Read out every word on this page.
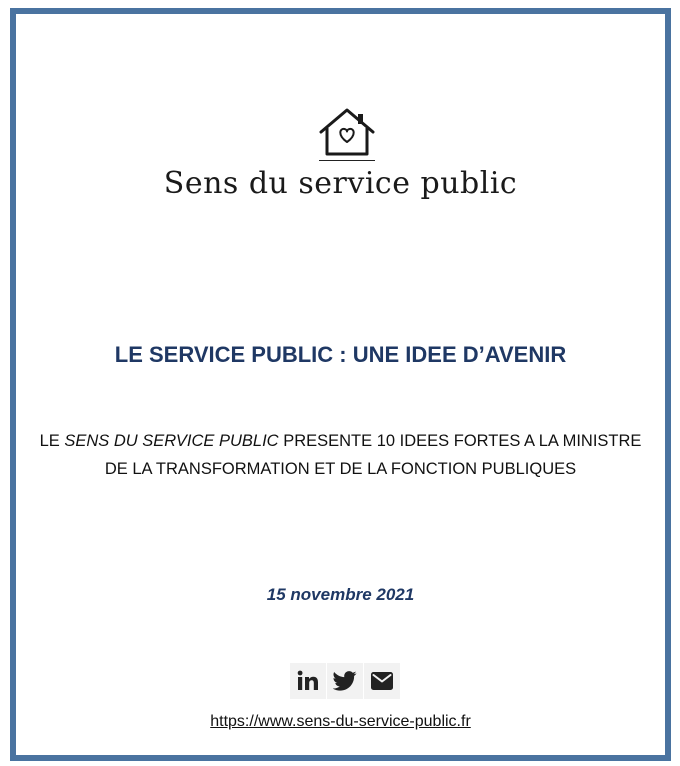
Sens du service public
LE SERVICE PUBLIC : UNE IDEE D’AVENIR
LE SENS DU SERVICE PUBLIC PRESENTE 10 IDEES FORTES A LA MINISTRE DE LA TRANSFORMATION ET DE LA FONCTION PUBLIQUES
15 novembre 2021
https://www.sens-du-service-public.fr
